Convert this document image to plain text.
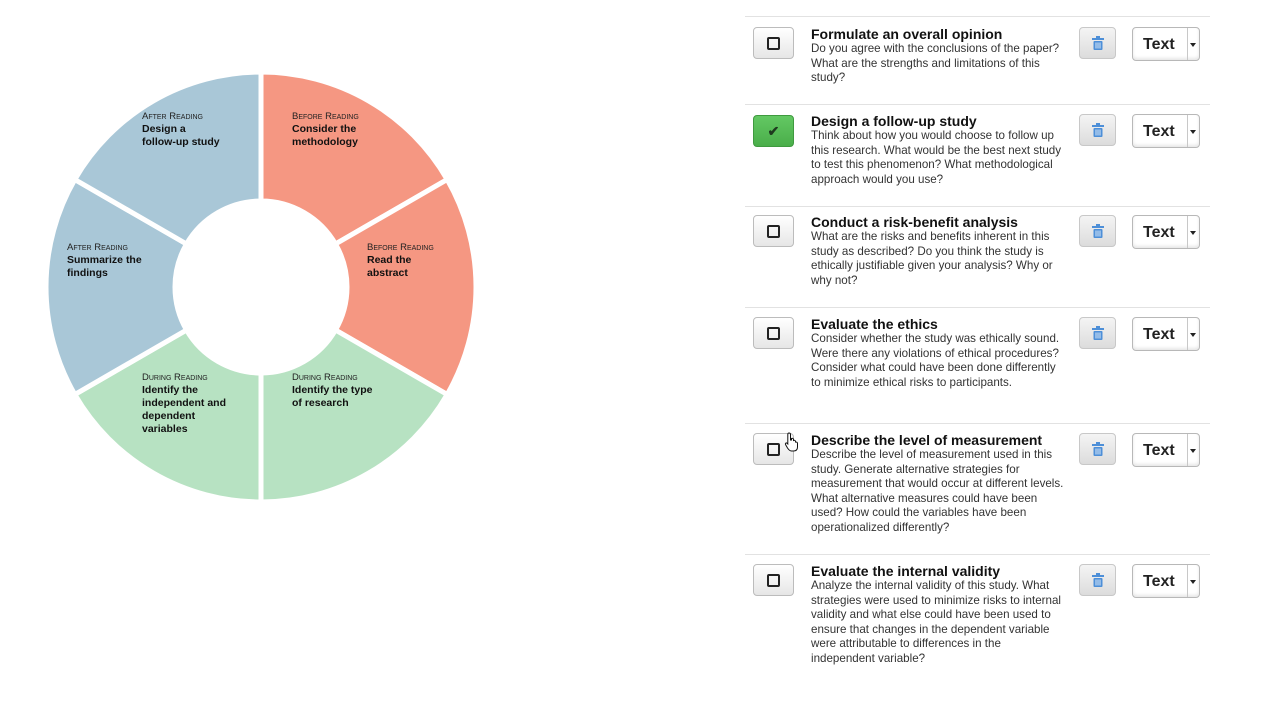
Before Reading
Consider the
methodology
Before Reading
Read the
abstract
During Reading
Identify the type
of research
During Reading
Identify the
independent and
dependent
variables
After Reading
Summarize the
findings
After Reading
Design a
follow-up study
Formulate an overall opinion
Do you agree with the conclusions of the paper? What are the strengths and limitations of this study?
Text
✔
Design a follow-up study
Think about how you would choose to follow up this research. What would be the best next study to test this phenomenon? What methodological approach would you use?
Text
Conduct a risk-benefit analysis
What are the risks and benefits inherent in this study as described? Do you think the study is ethically justifiable given your analysis? Why or why not?
Text
Evaluate the ethics
Consider whether the study was ethically sound. Were there any violations of ethical procedures? Consider what could have been done differently to minimize ethical risks to participants.
Text
Describe the level of measurement
Describe the level of measurement used in this study. Generate alternative strategies for measurement that would occur at different levels. What alternative measures could have been used? How could the variables have been operationalized differently?
Text
Evaluate the internal validity
Analyze the internal validity of this study. What strategies were used to minimize risks to internal validity and what else could have been used to ensure that changes in the dependent variable were attributable to differences in the independent variable?
Text
